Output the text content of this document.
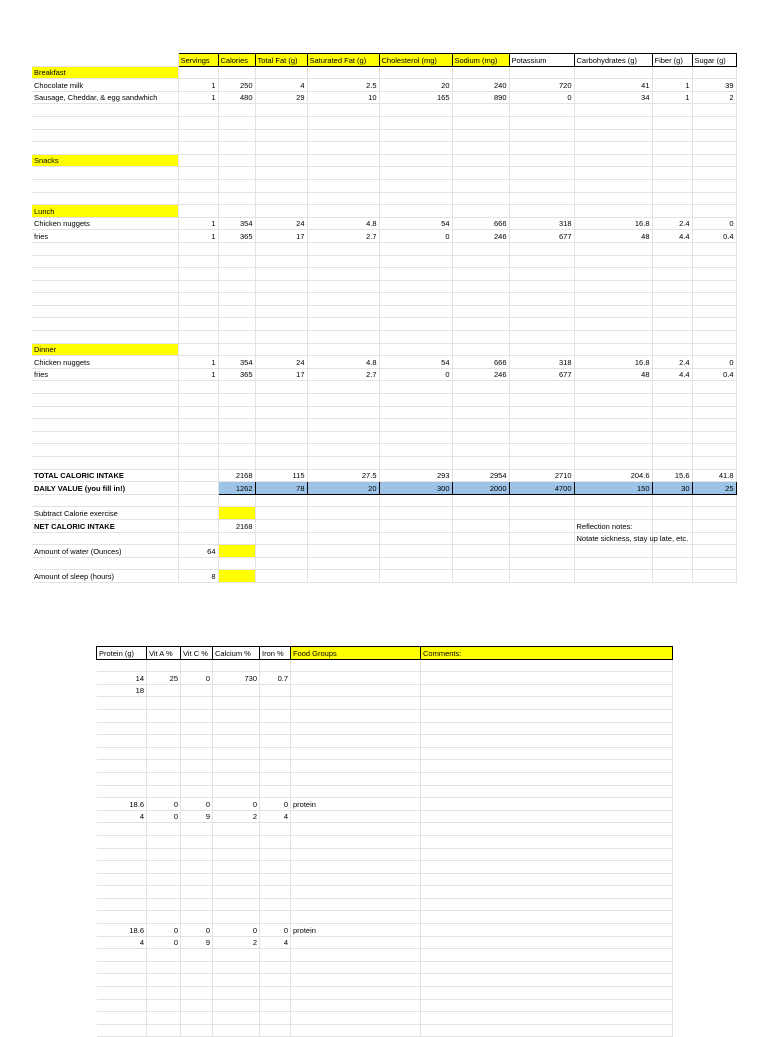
	Servings	Calories	Total Fat (g)	Saturated Fat (g)	Cholesterol (mg)	Sodium (mg)	Potassium	Carbohydrates (g)	Fiber (g)	Sugar (g)
Breakfast										
Chocolate milk	1	250	4	2.5	20	240	720	41	1	39
Sausage, Cheddar, & egg sandwhich	1	480	29	10	165	890	0	34	1	2

Snacks										

Lunch										
Chicken nuggets	1	354	24	4.8	54	666	318	16.8	2.4	0
fries	1	365	17	2.7	0	246	677	48	4.4	0.4

Dinner										
Chicken nuggets	1	354	24	4.8	54	666	318	16.8	2.4	0
fries	1	365	17	2.7	0	246	677	48	4.4	0.4

TOTAL CALORIC INTAKE		2168	115	27.5	293	2954	2710	204.6	15.6	41.8
DAILY VALUE (you fill in!)		1262	78	20	300	2000	4700	150	30	25

Subtract Calorie exercise										
NET CALORIC INTAKE		2168						Reflection notes:		
								Notate sickness, stay up late, etc.		
Amount of water (Ounces)	64									

Amount of sleep (hours)	8									
Protein (g)	Vit A %	Vit C %	Calcium %	Iron %	Food Groups	Comments:

14	25	0	730	0.7		
18						

18.6	0	0	0	0	protein	
4	0	9	2	4		

18.6	0	0	0	0	protein	
4	0	9	2	4		
